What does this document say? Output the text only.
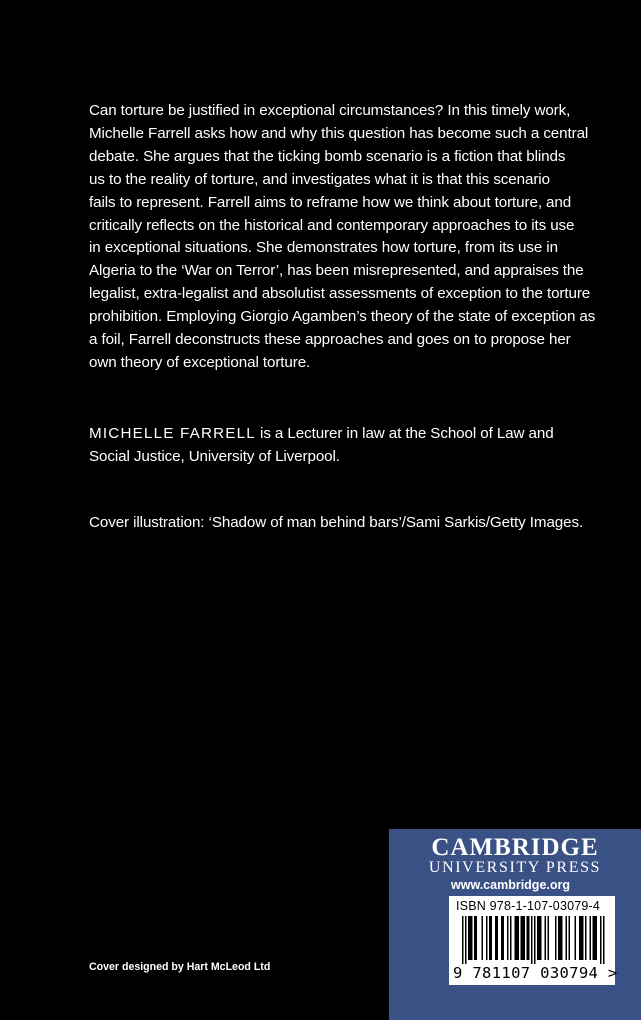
Can torture be justified in exceptional circumstances? In this timely work,
Michelle Farrell asks how and why this question has become such a central
debate. She argues that the ticking bomb scenario is a fiction that blinds
us to the reality of torture, and investigates what it is that this scenario
fails to represent. Farrell aims to reframe how we think about torture, and
critically reflects on the historical and contemporary approaches to its use
in exceptional situations. She demonstrates how torture, from its use in
Algeria to the ‘War on Terror’, has been misrepresented, and appraises the
legalist, extra-legalist and absolutist assessments of exception to the torture
prohibition. Employing Giorgio Agamben’s theory of the state of exception as
a foil, Farrell deconstructs these approaches and goes on to propose her
own theory of exceptional torture.
MICHELLE FARRELL is a Lecturer in law at the School of Law and
Social Justice, University of Liverpool.

Cover illustration: ‘Shadow of man behind bars’/Sami Sarkis/Getty Images.

Cover designed by Hart McLeod Ltd

CAMBRIDGE
UNIVERSITY PRESS
www.cambridge.org
ISBN 978-1-107-03079-4
9 781107 030794 >
